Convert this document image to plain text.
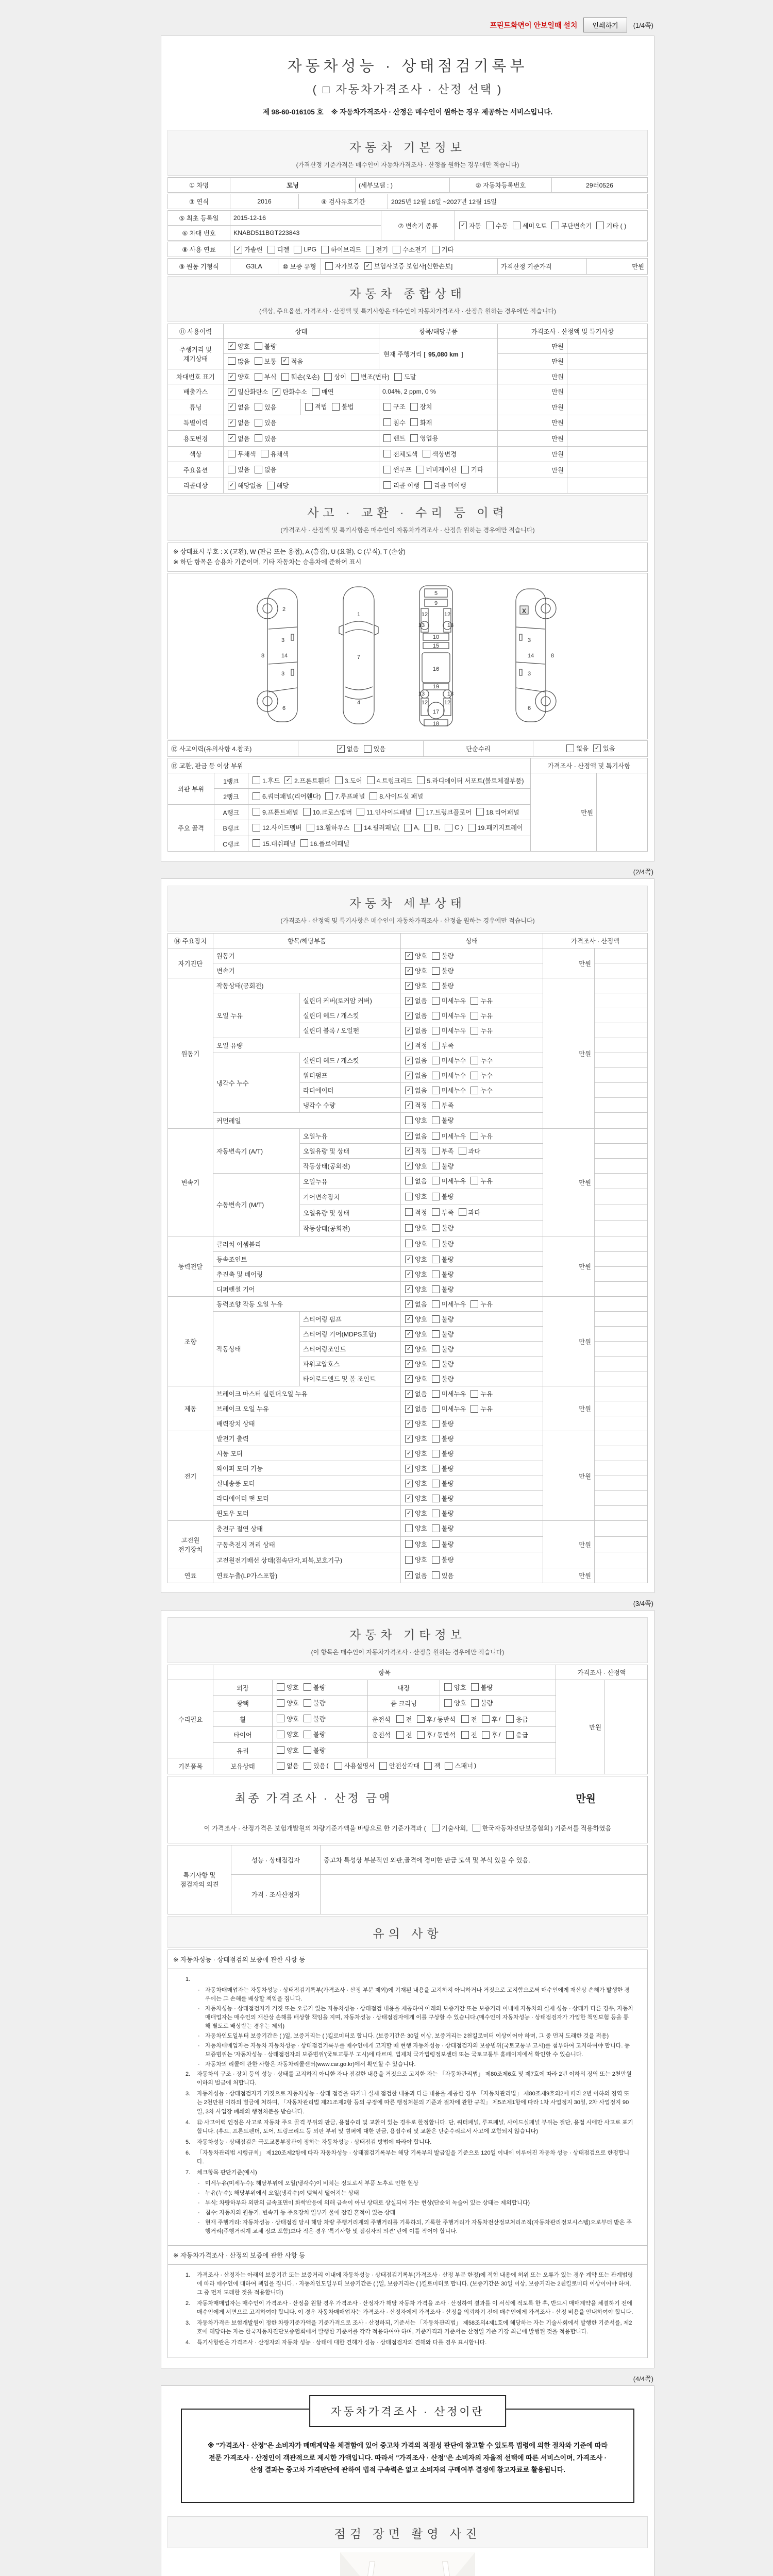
프린트화면이 안보일때 설치	인쇄하기	(1/4쪽)
자동차성능 · 상태점검기록부
( □ 자동차가격조사 · 산정 선택 )
제 98-60-016105 호 ※ 자동차가격조사 · 산정은 매수인이 원하는 경우 제공하는 서비스입니다.
자동차 기본정보
(가격산정 기준가격은 매수인이 자동차가격조사 · 산정을 원하는 경우에만 적습니다)
① 차명	모닝	(세부모델 : )	② 자동차등록번호	29러0526
③ 연식	2016	④ 검사유효기간	2025년 12월 16일 ~2027년 12월 15일
⑤ 최초 등록일	2015-12-16	⑦ 변속기 종류	✓ 자동 수동 세미오토 무단변속기 기타 ( )

⑥ 차대 번호	KNABD511BGT223843		
⑧ 사용 연료	✓ 가솔린 디젤 LPG 하이브리드 전기 수소전기 기타
⑨ 원동 기형식	G3LA	⑩ 보증 유형	자가보증 ✓ 보험사보증 보험사[신한손보]	가격산정 기준가격	만원
자동차 종합상태
(색상, 주요옵션, 가격조사 · 산정액 및 특기사항은 매수인이 자동차가격조사 · 산정을 원하는 경우에만 적습니다)
⑪ 사용이력	상태		항목/해당부품	가격조사 · 산정액 및 특기사항	
주행거리 및 계기상태	✓ 양호 불량		현재 주행거리 [ 95,080 km ]	만원	

	많음 보통 ✓ 적음			만원	
차대번호 표기	✓ 양호 부식 훼손(오손) 상이 변조(변타) 도말	만원	
배출가스	✓ 일산화탄소 ✓ 탄화수소 매연		0.04%, 2 ppm, 0 %	만원	
튜닝	✓ 없음 있음	적법 불법	구조 장치	만원	
특별이력	✓ 없음 있음		침수 화재	만원	
용도변경	✓ 없음 있음		렌트 영업용	만원	
색상	무채색 유채색		전체도색 색상변경	만원	
주요옵션	있음 없음		썬루프 네비게이션 기타	만원	
리콜대상	✓ 해당없음 해당		리콜 이행 리콜 미이행		

사고 · 교환 · 수리 등 이력
(가격조사 · 산정액 및 특기사항은 매수인이 자동차가격조사 · 산정을 원하는 경우에만 적습니다)
※ 상태표시 부호 : X (교환), W (판금 또는 용접), A (흠집), U (요철), C (부식), T (손상)
※ 하단 항목은 승용차 기준이며, 기타 자동차는 승용차에 준하여 표시
2
3
14
3
8
6
1
7
4
5
9
12	12
13	13
10
15
16
19
13	13
12	12
17
18
3
14
3
8
6
X
⑫ 사고이력(유의사항 4.참조)	✓ 없음 있음	단순수리	없음 ✓ 있음
⑬ 교환, 판금 등 이상 부위			가격조사 · 산정액 및 특기사항	
외판 부위	1랭크	1.후드 ✓ 2.프론트휀더 3.도어 4.트렁크리드 5.라디에이터 서포트(볼트체결부품)
	만원	
	2랭크	6.쿼터패널(리어휀다) 7.루프패널 8.사이드실 패널		

주요 골격	A랭크	9.프론트패널 10.크로스멤버 11.인사이드패널 17.트렁크플로어 18.리어패널		

B랭크	12.사이드멤버 13.휠하우스 14.필러패널( A, B, C ) 19.패키지트레이

	C랭크	15.대쉬패널 16.플로어패널		
(2/4쪽)
자동차 세부상태
(가격조사 · 산정액 및 특기사항은 매수인이 자동차가격조사 · 산정을 원하는 경우에만 적습니다)
⑭ 주요장치	항목/해당부품		상태	가격조사 · 산정액	
자기진단	원동기		✓ 양호 불량	만원	
	변속기		✓ 양호 불량		

원동기	작동상태(공회전)		✓ 양호 불량	만원	
	오일 누유	실린더 커버(로커암 커버)	✓ 없음 미세누유 누유		

		실린더 헤드 / 개스킷	✓ 없음 미세누유 누유		

		실린더 블록 / 오일팬	✓ 없음 미세누유 누유		

	오일 유량		✓ 적정 부족		

	냉각수 누수	실린더 헤드 / 개스킷	✓ 없음 미세누수 누수		

		워터펌프	✓ 없음 미세누수 누수		

		라디에이터	✓ 없음 미세누수 누수		

		냉각수 수량	✓ 적정 부족		

	커먼레일		양호 불량		

변속기	자동변속기 (A/T)	오일누유	✓ 없음 미세누유 누유	만원	
		오일유량 및 상태	✓ 적정 부족 과다		

		작동상태(공회전)	✓ 양호 불량		

	수동변속기 (M/T)	오일누유	없음 미세누유 누유		

		기어변속장치	양호 불량		

		오일유량 및 상태	적정 부족 과다		

		작동상태(공회전)	양호 불량		

동력전달	클러치 어셈블리		양호 불량	만원	
	등속조인트		✓ 양호 불량		

	추진축 및 베어링		✓ 양호 불량		

	디퍼렌셜 기어		✓ 양호 불량		

조향	동력조향 작동 오일 누유		✓ 없음 미세누유 누유	만원	
	작동상태	스티어링 펌프	✓ 양호 불량		

		스티어링 기어(MDPS포함)	✓ 양호 불량		

		스티어링조인트	✓ 양호 불량		

		파워고압호스	✓ 양호 불량		

		타이로드엔드 및 볼 조인트	✓ 양호 불량		

제동	브레이크 마스터 실린더오일 누유		✓ 없음 미세누유 누유	만원	
	브레이크 오일 누유		✓ 없음 미세누유 누유		

	배력장치 상태		✓ 양호 불량		

전기	발전기 출력		✓ 양호 불량	만원	
	시동 모터		✓ 양호 불량		

	와이퍼 모터 기능		✓ 양호 불량		

	실내송풍 모터		✓ 양호 불량		

	라디에이터 팬 모터		✓ 양호 불량		

	윈도우 모터		✓ 양호 불량		

고전원 전기장치	충전구 절연 상태		양호 불량	만원	
	구동축전지 격리 상태		양호 불량		

	고전원전기배선 상태(접속단자,피복,보호기구)		양호 불량		

연료	연료누출(LP가스포함)		✓ 없음 있음	만원	
(3/4쪽)
자동차 기타정보
(이 항목은 매수인이 자동차가격조사 · 산정을 원하는 경우에만 적습니다)
	항목				가격조사 · 산정액	
수리필요	외장	양호 불량	내장	양호 불량	만원	
	광택	양호 불량	룸 크리닝	양호 불량		

휠	양호 불량	운전석 전 후 / 동반석 전 후 / 응급

타이어	양호 불량	운전석 전 후 / 동반석 전 후 / 응급

	유리	양호 불량				

기본품목	보유상태	없음 있음 ( 사용설명서 안전삼각대 잭 스패너 )
최종 가격조사 · 산정 금액	만원
이 가격조사 · 산정가격은 보험개발원의 차량기준가액을 바탕으로 한 기준가격과 ( 기술사회, 한국자동차진단보증협회 ) 기준서를 적용하였음
특기사항 및 점검자의 의견	성능 · 상태점검자	중고차 특성상 부분적인 외판,골격에 경미한 판금 도색 및 부식 있을 수 있음.
	가격 · 조사산정자	
유의 사항
※ 자동차성능 · 상태점검의 보증에 관한 사항 등
1.
· 자동차매매업자는 자동차성능 · 상태점검기록부(가격조사 · 산정 부분 제외)에 기재된 내용을 고지하지 아니하거나 거짓으로 고지함으로써 매수인에게 재산상 손해가 발생한 경우에는 그 손해를 배상할 책임을 집니다.
· 자동차성능 · 상태점검자가 거짓 또는 오류가 있는 자동차성능 · 상태점검 내용을 제공하여 아래의 보증기간 또는 보증거리 이내에 자동차의 실제 성능 · 상태가 다른 경우, 자동차매매업자는 매수인의 재산상 손해를 배상할 책임을 지며, 자동차성능 · 상태점검자에게 이를 구상할 수 있습니다.(매수인이 자동차성능 · 상태점검자가 가입한 책임보험 등을 통해 별도로 배상받는 경우는 제외)
· 자동차인도일부터 보증기간은 ( )일, 보증거리는 ( )킬로미터로 합니다. (보증기간은 30일 이상, 보증거리는 2천킬로미터 이상이어야 하며, 그 중 먼저 도래한 것을 적용)
· 자동차매매업자는 자동차 자동차성능 · 상태점검기록부를 매수인에게 고지할 때 현행 자동차성능 · 상태점검자의 보증범위(국토교통부 고시)를 첨부하여 고지하여야 합니다. 동 보증범위는 '자동차성능 · 상태점검자의 보증범위'(국토교통부 고시)에 따르며, 법제처 국가법령정보센터 또는 국토교통부 홈페이지에서 확인할 수 있습니다.
· 자동차의 리콜에 관한 사항은 자동차리콜센터(www.car.go.kr)에서 확인할 수 있습니다.
2.	자동차의 구조 · 장치 등의 성능 · 상태를 고지하지 아니한 자나 점검한 내용을 거짓으로 고지한 자는 「자동차관리법」 제80조제6호 및 제7호에 따라 2년 이하의 징역 또는 2천만원 이하의 벌금에 처합니다.
3.	자동차성능 · 상태점검자가 거짓으로 자동차성능 · 상태 점검을 하거나 실제 점검한 내용과 다른 내용을 제공한 경우 「자동차관리법」 제80조제9호의2에 따라 2년 이하의 징역 또는 2천만원 이하의 벌금에 처하며, 「자동차관리법 제21조제2항 등의 규정에 따른 행정처분의 기준과 절차에 관한 규칙」 제5조제1항에 따라 1차 사업정지 30일, 2차 사업정지 90일, 3차 사업장 폐쇄의 행정처분을 받습니다.
4.	⑫ 사고이력 인정은 사고로 자동차 주요 골격 부위의 판금, 용접수리 및 교환이 있는 경우로 한정합니다. 단, 쿼터패널, 루프패널, 사이드실패널 부위는 절단, 용접 시에만 사고로 표기합니다. (후드, 프론트펜더, 도어, 트렁크리드 등 외판 부위 및 범퍼에 대한 판금, 용접수리 및 교환은 단순수리로서 사고에 포함되지 않습니다)
5.	자동차성능 · 상태점검은 국토교통부장관이 정하는 자동차성능 · 상태점검 방법에 따라야 합니다.
6.	「자동차관리법 시행규칙」 제120조제2항에 따라 자동차성능 · 상태점검기록부는 해당 기록부의 발급일을 기준으로 120일 이내에 이루어진 자동차 성능 · 상태점검으로 한정합니다.
7.	체크항목 판단기준(예시)
· 미세누유(미세누수): 해당부위에 오일(냉각수)이 비치는 정도로서 부품 노후로 인한 현상
· 누유(누수): 해당부위에서 오일(냉각수)이 맺혀서 떨어지는 상태
· 부식: 차량하부와 외판의 금속표면이 화학반응에 의해 금속이 아닌 상태로 상실되어 가는 현상(단순히 녹슬어 있는 상태는 제외합니다)
· 침수: 자동차의 원동기, 변속기 등 주요장치 일부가 물에 잠긴 흔적이 있는 상태
· 현재 주행거리: 자동차성능 · 상태점검 당시 해당 차량 주행거리계의 주행거리를 기록하되, 기록한 주행거리가 자동차전산정보처리조직(자동차관리정보시스템)으로부터 받은 주행거리(주행거리계 교체 정보 포함)보다 적은 경우 '특기사항 및 점검자의 의견' 란에 이를 적어야 합니다.
※ 자동차가격조사 · 산정의 보증에 관한 사항 등
1.	가격조사 · 산정자는 아래의 보증기간 또는 보증거리 이내에 자동차성능 · 상태점검기록부(가격조사 · 산정 부분 한정)에 적힌 내용에 허위 또는 오류가 있는 경우 계약 또는 관계법령에 따라 매수인에 대하여 책임을 집니다. · 자동차인도일부터 보증기간은 ( )일, 보증거리는 ( )킬로미터로 합니다. (보증기간은 30일 이상, 보증거리는 2천킬로미터 이상이어야 하며, 그 중 먼저 도래한 것을 적용합니다)
2.	자동차매매업자는 매수인이 가격조사 · 산정을 원할 경우 가격조사 · 산정자가 해당 자동차 가격을 조사 · 산정하여 결과를 이 서식에 적도록 한 후, 반드시 매매계약을 체결하기 전에 매수인에게 서면으로 고지하여야 합니다. 이 경우 자동차매매업자는 가격조사 · 산정자에게 가격조사 · 산정을 의뢰하기 전에 매수인에게 가격조사 · 산정 비용을 안내하여야 합니다.
3.	자동차가격은 보험개발원이 정한 차량기준가액을 기준가격으로 조사 · 산정하되, 기준서는 「자동차관리법」 제58조의4제1호에 해당하는 자는 기술사회에서 발행한 기준서를, 제2호에 해당하는 자는 한국자동차진단보증협회에서 발행한 기준서를 각각 적용하여야 하며, 기준가격과 기준서는 산정일 기준 가장 최근에 발행된 것을 적용합니다.
4.	특기사항란은 가격조사 · 산정자의 자동차 성능 · 상태에 대한 견해가 성능 · 상태점검자의 견해와 다를 경우 표시합니다.
(4/4쪽)
자동차가격조사 · 산정이란
※ "가격조사 · 산정"은 소비자가 매매계약을 체결함에 있어 중고차 가격의 적절성 판단에 참고할 수 있도록 법령에 의한 절차와 기준에 따라 전문 가격조사 · 산정인이 객관적으로 제시한 가액입니다. 따라서 "가격조사 · 산정"은 소비자의 자율적 선택에 따른 서비스이며, 가격조사 · 산정 결과는 중고차 가격판단에 관하여 법적 구속력은 없고 소비자의 구매여부 결정에 참고자료로 활용됩니다.
점검 장면 촬영 사진
